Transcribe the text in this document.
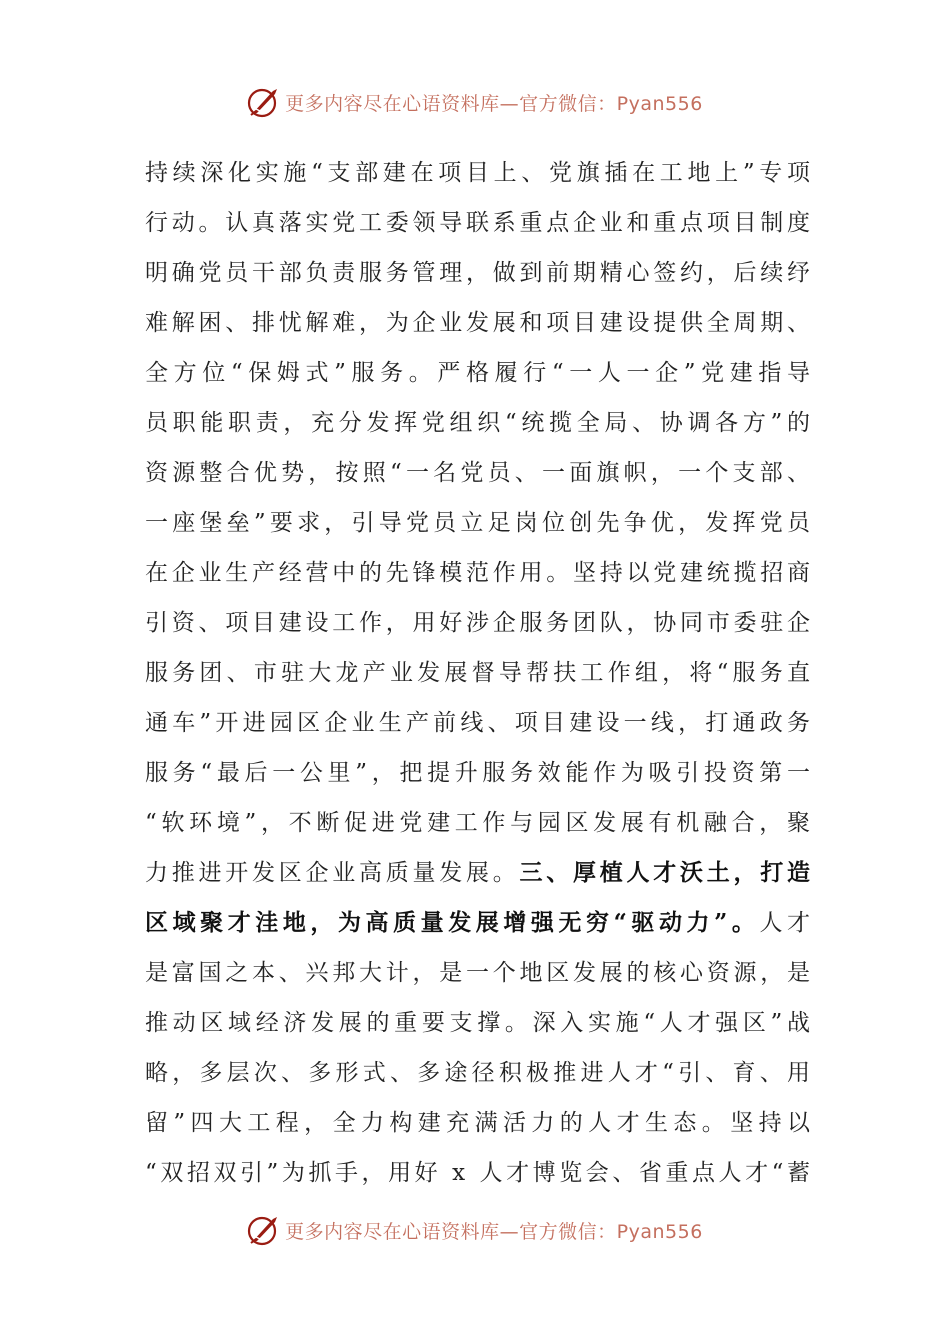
更多内容尽在心语资料库—官方微信：Pyan556
持续深化实施“支部建在项目上、党旗插在工地上”专项
行动。认真落实党工委领导联系重点企业和重点项目制度
明确党员干部负责服务管理，做到前期精心签约，后续纾
难解困、排忧解难，为企业发展和项目建设提供全周期、
全方位“保姆式”服务。严格履行“一人一企”党建指导
员职能职责，充分发挥党组织“统揽全局、协调各方”的
资源整合优势，按照“一名党员、一面旗帜，一个支部、
一座堡垒”要求，引导党员立足岗位创先争优，发挥党员
在企业生产经营中的先锋模范作用。坚持以党建统揽招商
引资、项目建设工作，用好涉企服务团队，协同市委驻企
服务团、市驻大龙产业发展督导帮扶工作组，将“服务直
通车”开进园区企业生产前线、项目建设一线，打通政务
服务“最后一公里”，把提升服务效能作为吸引投资第一
“软环境”，不断促进党建工作与园区发展有机融合，聚
力推进开发区企业高质量发展。三、厚植人才沃土，打造
区域聚才洼地，为高质量发展增强无穷“驱动力”。人才
是富国之本、兴邦大计，是一个地区发展的核心资源，是
推动区域经济发展的重要支撑。深入实施“人才强区”战
略，多层次、多形式、多途径积极推进人才“引、育、用
留”四大工程，全力构建充满活力的人才生态。坚持以
“双招双引”为抓手，用好 x 人才博览会、省重点人才“蓄
更多内容尽在心语资料库—官方微信：Pyan556
